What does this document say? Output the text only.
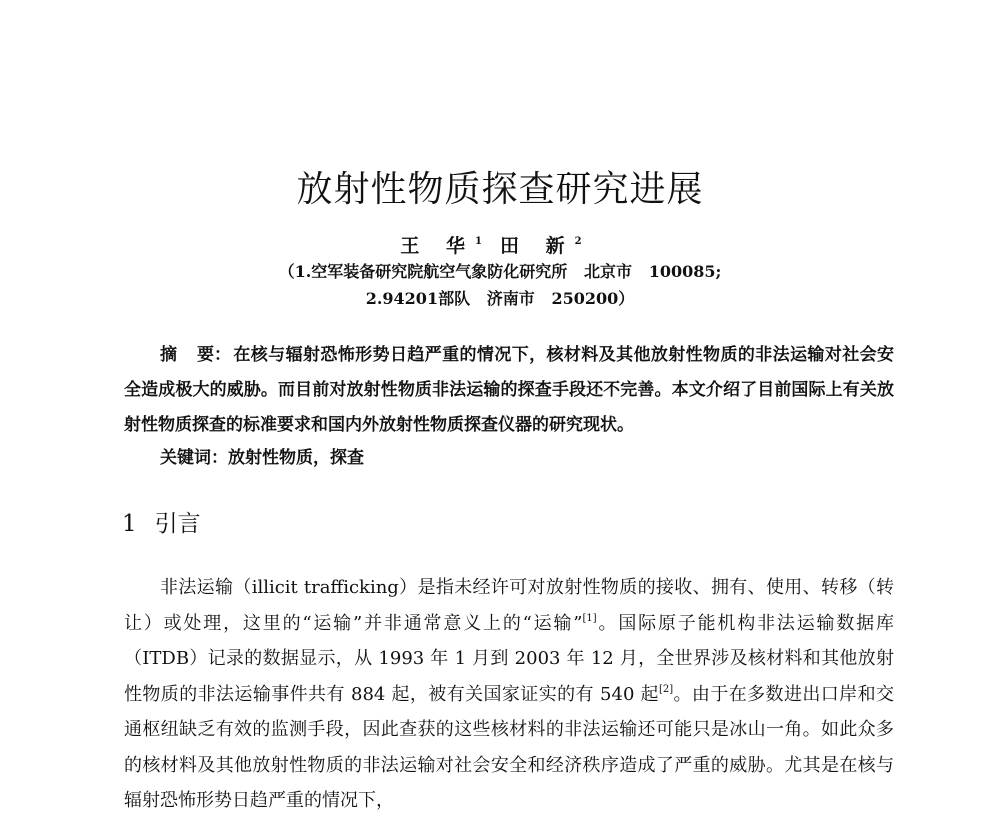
放射性物质探查研究进展
王 华$^1$ 田 新$^2$
（1.空军装备研究院航空气象防化研究所   北京市   100085;
2.94201部队   济南市   250200）
摘 要： 在核与辐射恐怖形势日趋严重的情况下，核材料及其他放射性物质的非法运输对社会安全造成极大的威胁。而目前对放射性物质非法运输的探查手段还不完善。本文介绍了目前国际上有关放射性物质探查的标准要求和国内外放射性物质探查仪器的研究现状。
关键词：放射性物质，探查
1 引言
非法运输（illicit trafficking）是指未经许可对放射性物质的接收、拥有、使用、转移（转让）或处理，这里的“运输”并非通常意义上的“运输”[1]。国际原子能机构非法运输数据库（ITDB）记录的数据显示，从 1993 年 1 月到 2003 年 12 月，全世界涉及核材料和其他放射性物质的非法运输事件共有 884 起，被有关国家证实的有 540 起[2]。由于在多数进出口岸和交通枢纽缺乏有效的监测手段，因此查获的这些核材料的非法运输还可能只是冰山一角。如此众多的核材料及其他放射性物质的非法运输对社会安全和经济秩序造成了严重的威胁。尤其是在核与辐射恐怖形势日趋严重的情况下，
